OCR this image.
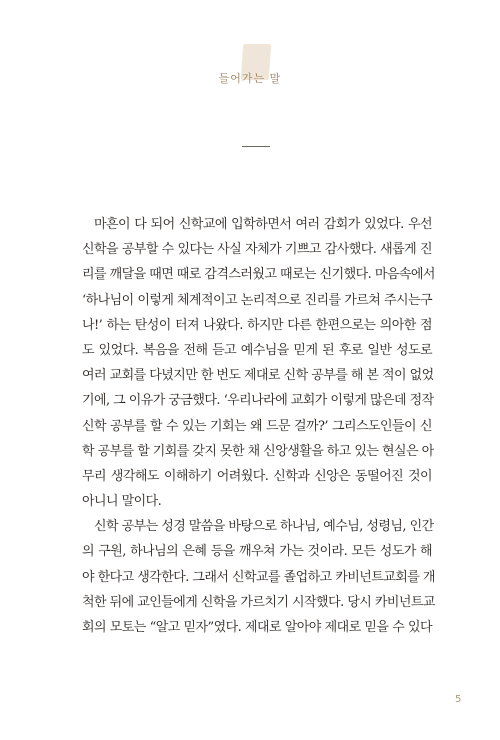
들어가는 말
마흔이 다 되어 신학교에 입학하면서 여러 감회가 있었다. 우선
신학을 공부할 수 있다는 사실 자체가 기쁘고 감사했다. 새롭게 진
리를 깨달을 때면 때로 감격스러웠고 때로는 신기했다. 마음속에서
‘하나님이 이렇게 체계적이고 논리적으로 진리를 가르쳐 주시는구
나!’ 하는 탄성이 터져 나왔다. 하지만 다른 한편으로는 의아한 점
도 있었다. 복음을 전해 듣고 예수님을 믿게 된 후로 일반 성도로
여러 교회를 다녔지만 한 번도 제대로 신학 공부를 해 본 적이 없었
기에, 그 이유가 궁금했다. ‘우리나라에 교회가 이렇게 많은데 정작
신학 공부를 할 수 있는 기회는 왜 드문 걸까?’ 그리스도인들이 신
학 공부를 할 기회를 갖지 못한 채 신앙생활을 하고 있는 현실은 아
무리 생각해도 이해하기 어려웠다. 신학과 신앙은 동떨어진 것이
아니니 말이다.
신학 공부는 성경 말씀을 바탕으로 하나님, 예수님, 성령님, 인간
의 구원, 하나님의 은혜 등을 깨우쳐 가는 것이라. 모든 성도가 해
야 한다고 생각한다. 그래서 신학교를 졸업하고 카비넌트교회를 개
척한 뒤에 교인들에게 신학을 가르치기 시작했다. 당시 카비넌트교
회의 모토는 “알고 믿자”였다. 제대로 알아야 제대로 믿을 수 있다
5
